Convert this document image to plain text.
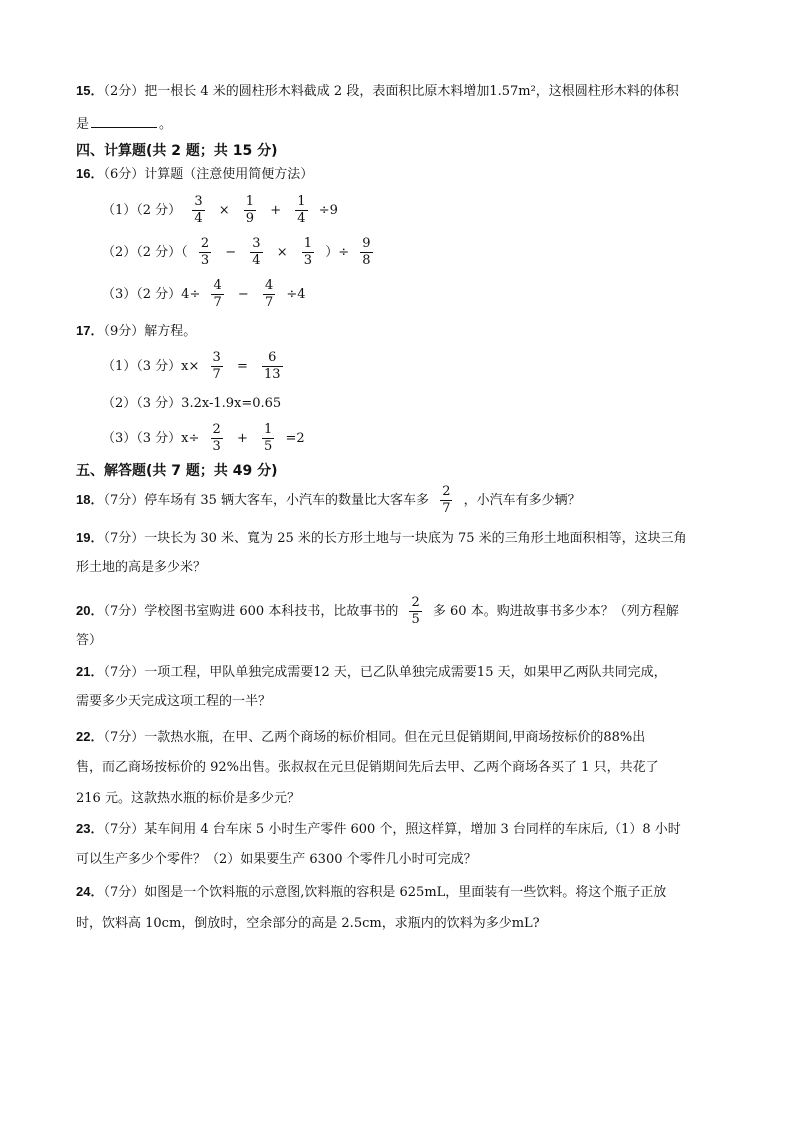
15．（2分）把一根长 4 米的圆柱形木料截成 2 段，表面积比原木料增加1.57m²，这根圆柱形木料的体积
是	。
四、计算题(共 2 题；共 15 分)
16．（6分）计算题（注意使用简便方法）
（1）（2 分） $\frac{3}{4} \times \frac{1}{9} + \frac{1}{4} \div 9$
（2）（2 分）（ $\frac{2}{3} - \frac{3}{4} \times \frac{1}{3}$ ）÷ $\frac{9}{8}$
（3）（2 分）$4\div \frac{4}{7} - \frac{4}{7} \div 4$
17．（9分）解方程。
（1）（3 分）$x\times \frac{3}{7} = \frac{6}{13}$
（2）（3 分）3.2x-1.9x=0.65
（3）（3 分）$x\div \frac{2}{3} + \frac{1}{5} =2$
五、解答题(共 7 题；共 49 分)
18．（7分）停车场有 35 辆大客车，小汽车的数量比大客车多 $\frac{2}{7}$ ，小汽车有多少辆？
19．（7分）一块长为 30 米、寬为 25 米的长方形土地与一块底为 75 米的三角形土地面积相等，这块三角
形土地的高是多少米？
20．（7分）学校图书室购进 600 本科技书，比故事书的 $\frac{2}{5}$ 多 60 本。购进故事书多少本？（列方程解
答）
21．（7分）一项工程，甲队单独完成需要12 天，已乙队单独完成需要15 天，如果甲乙两队共同完成，
需要多少天完成这项工程的一半？
22．（7分）一款热水瓶，在甲、乙两个商场的标价相同。但在元旦促销期间,甲商场按标价的88%出
售，而乙商场按标价的 92%出售。张叔叔在元旦促销期间先后去甲、乙两个商场各买了 1 只，共花了
216 元。这款热水瓶的标价是多少元？
23．（7分）某车间用 4 台车床 5 小时生产零件 600 个，照这样算，增加 3 台同样的车床后,（1）8 小时
可以生产多少个零件？（2）如果要生产 6300 个零件几小时可完成？
24．（7分）如图是一个饮料瓶的示意图,饮料瓶的容积是 625mL，里面装有一些饮料。将这个瓶子正放
时，饮料高 10cm，倒放时，空余部分的高是 2.5cm，求瓶内的饮料为多少mL?
